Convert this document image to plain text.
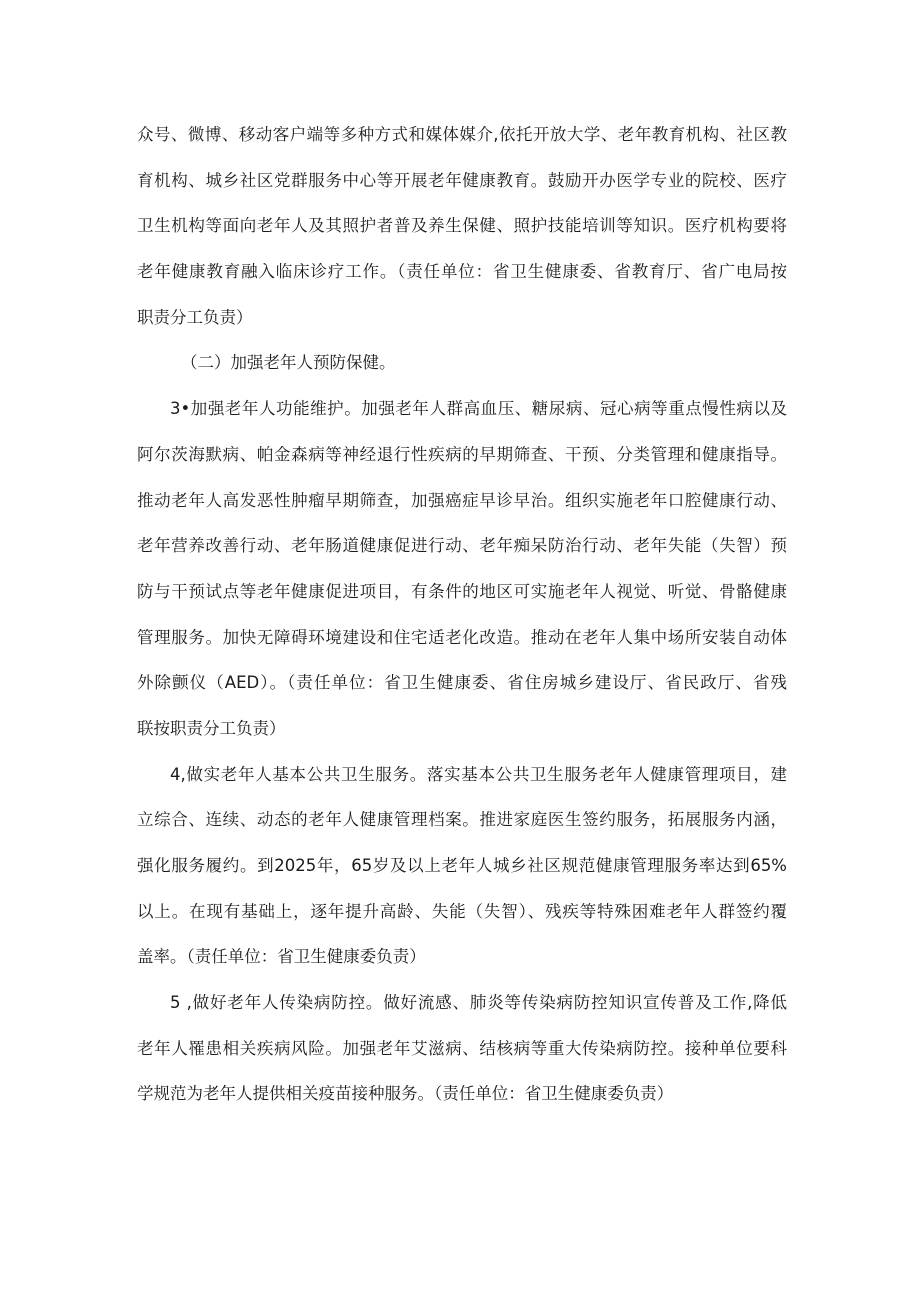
众号、微博、移动客户端等多种方式和媒体媒介,依托开放大学、老年教育机构、社区教
育机构、城乡社区党群服务中心等开展老年健康教育。鼓励开办医学专业的院校、医疗
卫生机构等面向老年人及其照护者普及养生保健、照护技能培训等知识。医疗机构要将
老年健康教育融入临床诊疗工作。（责任单位：省卫生健康委、省教育厅、省广电局按
职责分工负责）
（二）加强老年人预防保健。
3•加强老年人功能维护。加强老年人群高血压、糖尿病、冠心病等重点慢性病以及
阿尔茨海默病、帕金森病等神经退行性疾病的早期筛查、干预、分类管理和健康指导。
推动老年人高发恶性肿瘤早期筛查，加强癌症早诊早治。组织实施老年口腔健康行动、
老年营养改善行动、老年肠道健康促进行动、老年痴呆防治行动、老年失能（失智）预
防与干预试点等老年健康促进项目，有条件的地区可实施老年人视觉、听觉、骨骼健康
管理服务。加快无障碍环境建设和住宅适老化改造。推动在老年人集中场所安装自动体
外除颤仪（AED）。（责任单位：省卫生健康委、省住房城乡建设厅、省民政厅、省残
联按职责分工负责）
4,做实老年人基本公共卫生服务。落实基本公共卫生服务老年人健康管理项目，建
立综合、连续、动态的老年人健康管理档案。推进家庭医生签约服务，拓展服务内涵，
强化服务履约。到2025年，65岁及以上老年人城乡社区规范健康管理服务率达到65%
以上。在现有基础上，逐年提升高龄、失能（失智）、残疾等特殊困难老年人群签约覆
盖率。（责任单位：省卫生健康委负责）
5 ,做好老年人传染病防控。做好流感、肺炎等传染病防控知识宣传普及工作,降低
老年人罹患相关疾病风险。加强老年艾滋病、结核病等重大传染病防控。接种单位要科
学规范为老年人提供相关疫苗接种服务。（责任单位：省卫生健康委负责）
